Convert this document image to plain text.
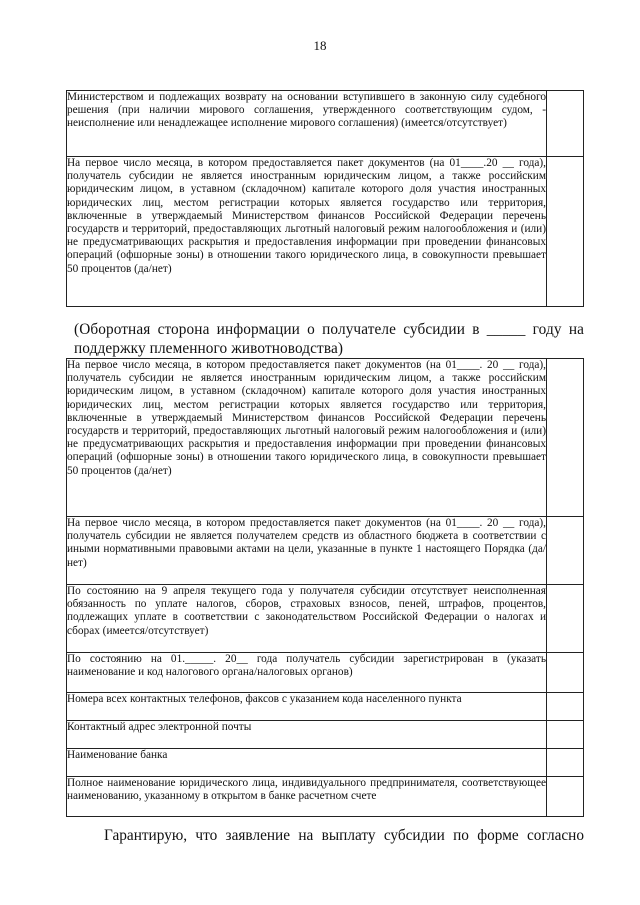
18
Министерством и подлежащих возврату на основании вступившего в законную силу судебного решения (при наличии мирового соглашения, утвержденного соответствующим судом, - неисполнение или ненадлежащее исполнение мирового соглашения) (имеется/отсутствует)	
На первое число месяца, в котором предоставляется пакет документов (на 01____.20 __ года), получатель субсидии не является иностранным юридическим лицом, а также российским юридическим лицом, в уставном (складочном) капитале которого доля участия иностранных юридических лиц, местом регистрации которых является государство или территория, включенные в утверждаемый Министерством финансов Российской Федерации перечень государств и территорий, предоставляющих льготный налоговый режим налогообложения и (или) не предусматривающих раскрытия и предоставления информации при проведении финансовых операций (офшорные зоны) в отношении такого юридического лица, в совокупности превышает 50 процентов (да/нет)	
(Оборотная сторона информации о получателе субсидии в _____ году на поддержку племенного животноводства)
На первое число месяца, в котором предоставляется пакет документов (на 01____. 20 __ года), получатель субсидии не является иностранным юридическим лицом, а также российским юридическим лицом, в уставном (складочном) капитале которого доля участия иностранных юридических лиц, местом регистрации которых является государство или территория, включенные в утверждаемый Министерством финансов Российской Федерации перечень государств и территорий, предоставляющих льготный налоговый режим налогообложения и (или) не предусматривающих раскрытия и предоставления информации при проведении финансовых операций (офшорные зоны) в отношении такого юридического лица, в совокупности превышает 50 процентов (да/нет)	
На первое число месяца, в котором предоставляется пакет документов (на 01____. 20 __ года), получатель субсидии не является получателем средств из областного бюджета в соответствии с иными нормативными правовыми актами на цели, указанные в пункте 1 настоящего Порядка (да/нет)	
По состоянию на 9 апреля текущего года у получателя субсидии отсутствует неисполненная обязанность по уплате налогов, сборов, страховых взносов, пеней, штрафов, процентов, подлежащих уплате в соответствии с законодательством Российской Федерации о налогах и сборах (имеется/отсутствует)	
По состоянию на 01._____. 20__ года получатель субсидии зарегистрирован в (указать наименование и код налогового органа/налоговых органов)	
Номера всех контактных телефонов, факсов с указанием кода населенного пункта	
Контактный адрес электронной почты	
Наименование банка	
Полное наименование юридического лица, индивидуального предпринимателя, соответствующее наименованию, указанному в открытом в банке расчетном счете	
Гарантирую, что заявление на выплату субсидии по форме согласно
